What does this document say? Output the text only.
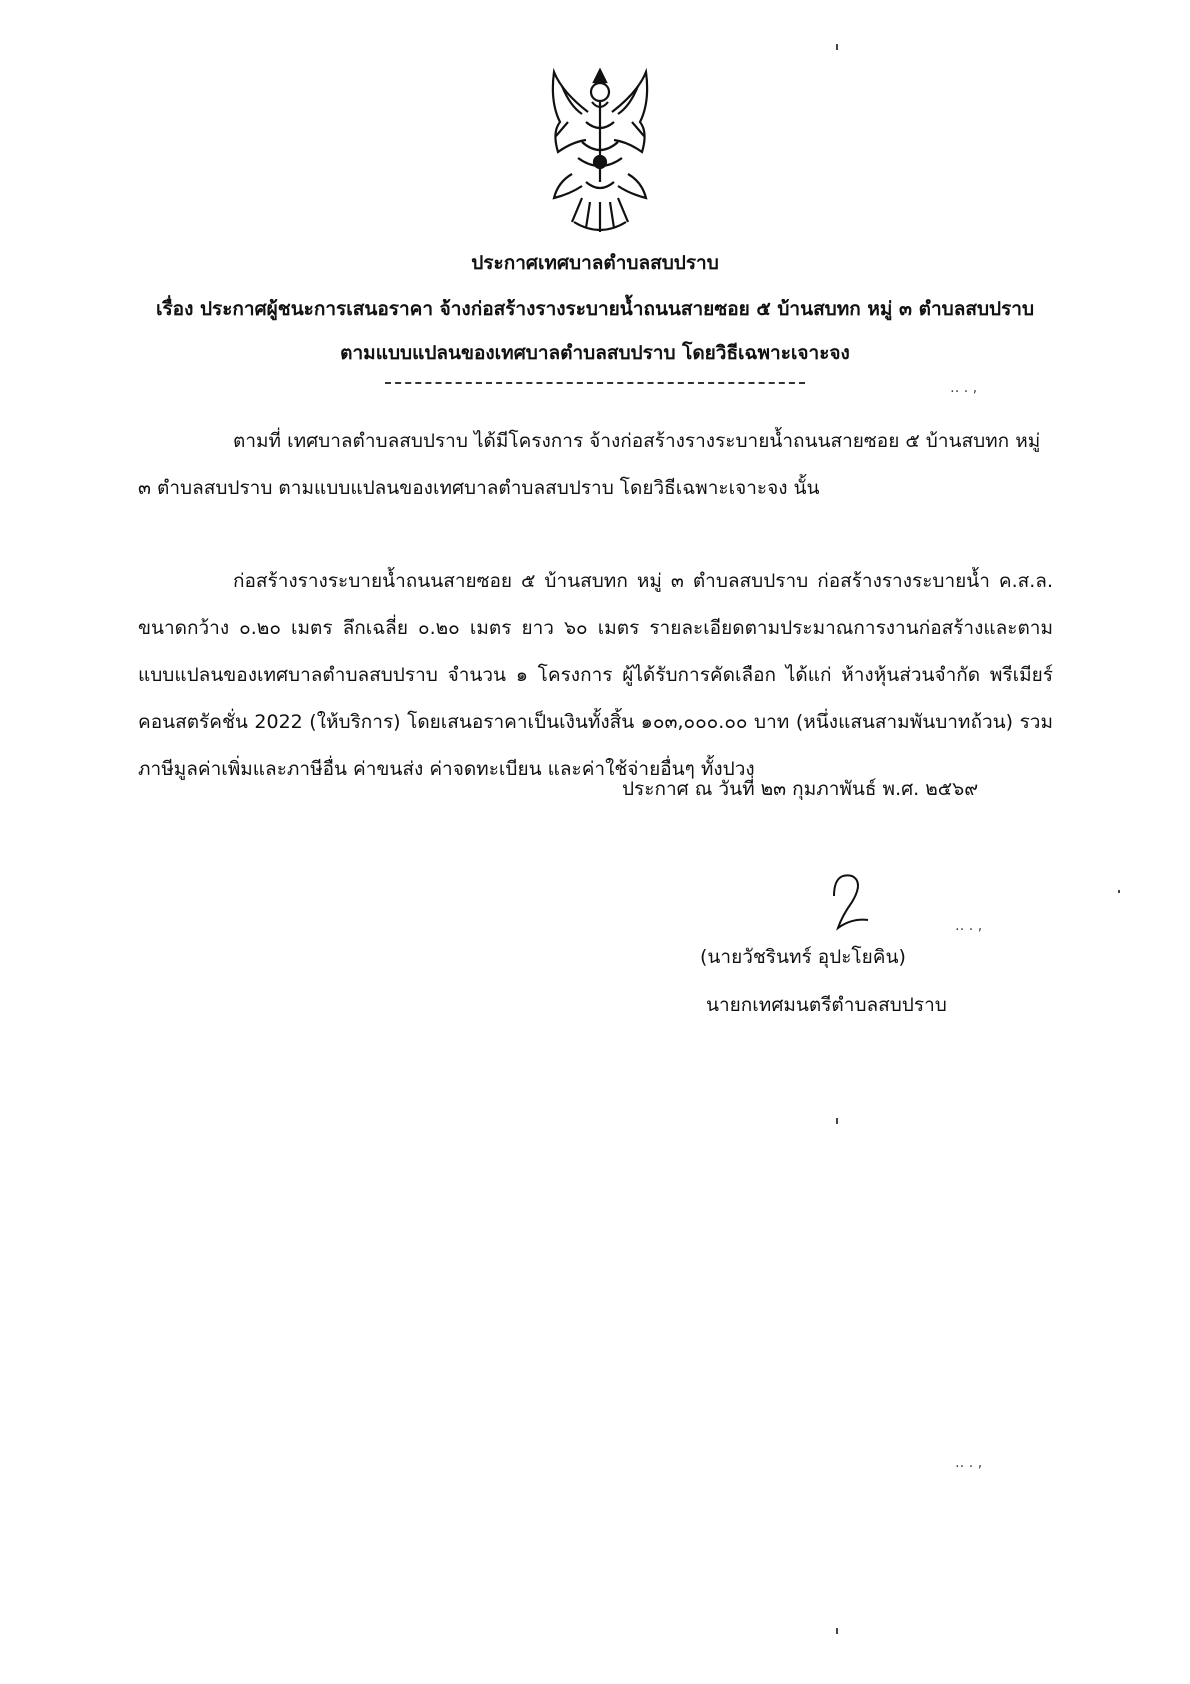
ประกาศเทศบาลตำบลสบปราบ
เรื่อง ประกาศผู้ชนะการเสนอราคา จ้างก่อสร้างรางระบายน้ำถนนสายซอย ๕ บ้านสบทก หมู่ ๓ ตำบลสบปราบ
ตามแบบแปลนของเทศบาลตำบลสบปราบ โดยวิธีเฉพาะเจาะจง
ตามที่ เทศบาลตำบลสบปราบ ได้มีโครงการ จ้างก่อสร้างรางระบายน้ำถนนสายซอย ๕ บ้านสบทก หมู่ ๓ ตำบลสบปราบ ตามแบบแปลนของเทศบาลตำบลสบปราบ โดยวิธีเฉพาะเจาะจง นั้น
ก่อสร้างรางระบายน้ำถนนสายซอย ๕ บ้านสบทก หมู่ ๓ ตำบลสบปราบ ก่อสร้างรางระบายน้ำ ค.ส.ล. ขนาดกว้าง ๐.๒๐ เมตร ลึกเฉลี่ย ๐.๒๐ เมตร ยาว ๖๐ เมตร รายละเอียดตามประมาณการงานก่อสร้างและตามแบบแปลนของเทศบาลตำบลสบปราบ จำนวน ๑ โครงการ ผู้ได้รับการคัดเลือก ได้แก่ ห้างหุ้นส่วนจำกัด พรีเมียร์ คอนสตรัคชั่น 2022 (ให้บริการ) โดยเสนอราคาเป็นเงินทั้งสิ้น ๑๐๓,๐๐๐.๐๐ บาท (หนึ่งแสนสามพันบาทถ้วน) รวมภาษีมูลค่าเพิ่มและภาษีอื่น ค่าขนส่ง ค่าจดทะเบียน และค่าใช้จ่ายอื่นๆ ทั้งปวง
ประกาศ ณ วันที่ ๒๓ กุมภาพันธ์ พ.ศ. ๒๕๖๙
(นายวัชรินทร์ อุปะโยคิน)
นายกเทศมนตรีตำบลสบปราบ
‥ . ,
‥ . ,
‥ . ,
